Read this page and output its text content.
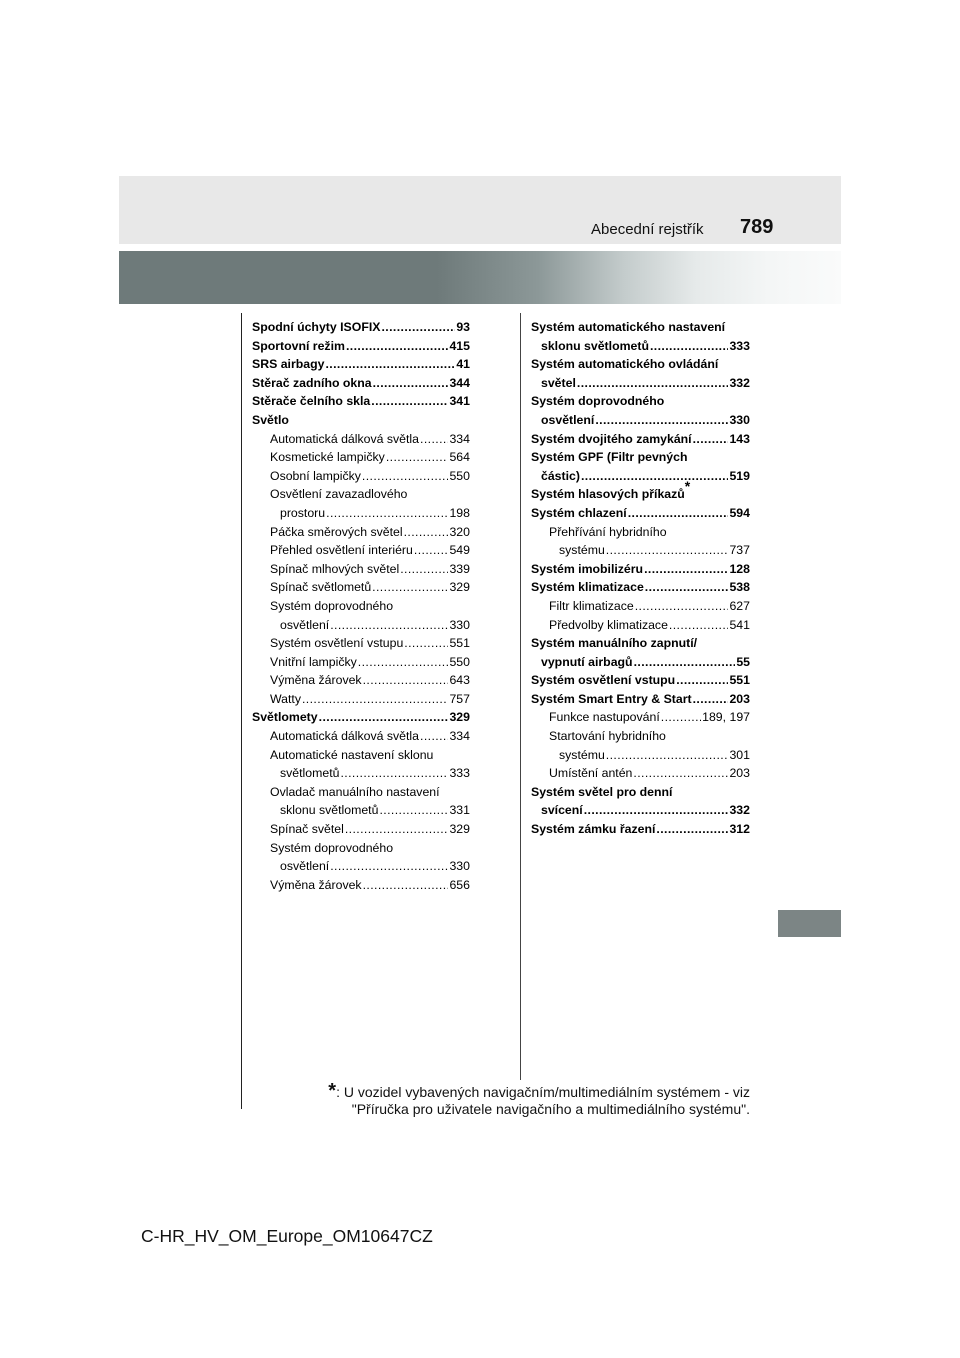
Abecední rejstřík 789
Spodní úchyty ISOFIX .....	93
Sportovní režim .....	415
SRS airbagy .....	41
Stěrač zadního okna .....	344
Stěrače čelního skla .....	341
Světlo
Automatická dálková světla ..... 334
Kosmetické lampičky .....	564
Osobní lampičky .....	550
Osvětlení zavazadlového
prostoru .....	198
Páčka směrových světel .....	320
Přehled osvětlení interiéru .....	549
Spínač mlhových světel .....	339
Spínač světlometů .....	329
Systém doprovodného
osvětlení .....	330
Systém osvětlení vstupu .....	551
Vnitřní lampičky .....	550
Výměna žárovek .....	643
Watty .....	757
Světlomety .....	329
Automatická dálková světla ..... 334
Automatické nastavení sklonu
světlometů .....	333
Ovladač manuálního nastavení
sklonu světlometů .....	331
Spínač světel .....	329
Systém doprovodného
osvětlení .....	330
Výměna žárovek .....	656
Systém automatického nastavení
sklonu světlometů .....	333
Systém automatického ovládání
světel .....	332
Systém doprovodného
osvětlení .....	330
Systém dvojitého zamykání .....	143
Systém GPF (Filtr pevných
částic) .....	519
Systém hlasových příkazů*
Systém chlazení .....	594
Přehřívání hybridního
systému .....	737
Systém imobilizéru .....	128
Systém klimatizace .....	538
Filtr klimatizace .....	627
Předvolby klimatizace .....	541
Systém manuálního zapnutí/
vypnutí airbagů .....	55
Systém osvětlení vstupu .....	551
Systém Smart Entry & Start .....	203
Funkce nastupování .....	189, 197
Startování hybridního
systému .....	301
Umístění antén .....	203
Systém světel pro denní
svícení .....	332
Systém zámku řazení .....	312
*: U vozidel vybavených navigačním/multimediálním systémem - viz
"Příručka pro uživatele navigačního a multimediálního systému".
C-HR_HV_OM_Europe_OM10647CZ
